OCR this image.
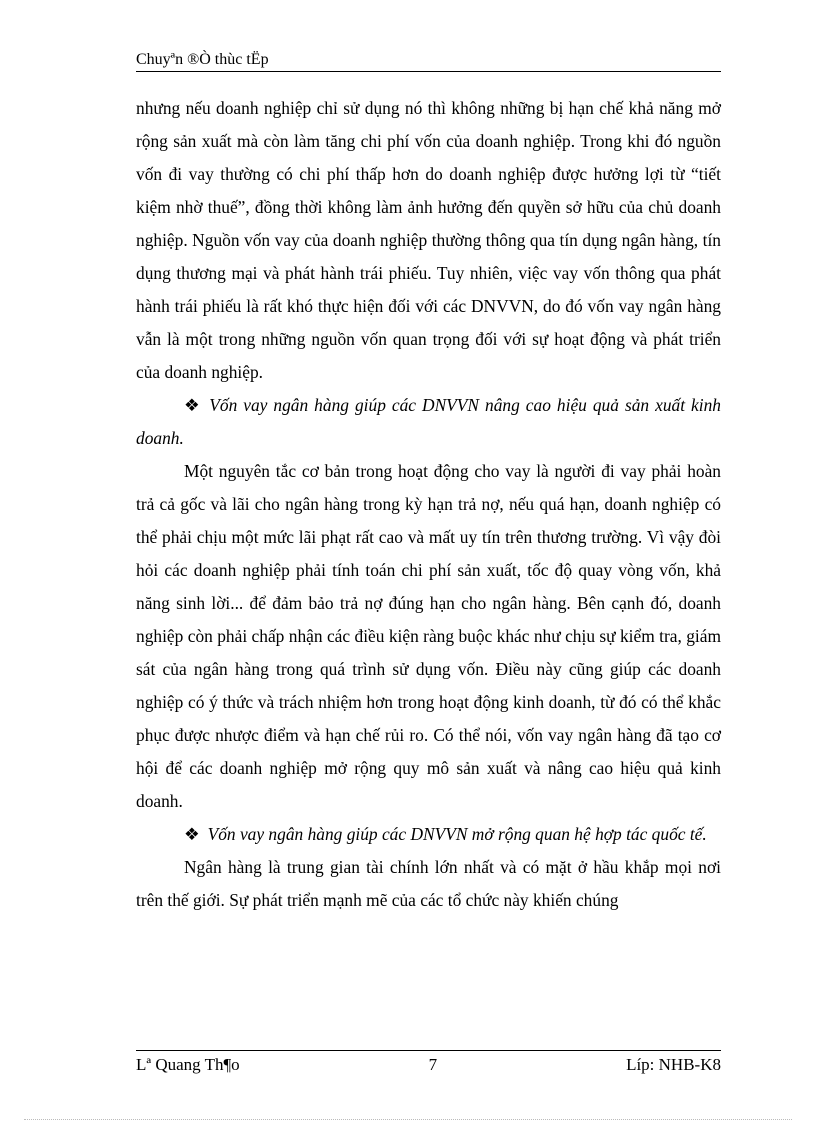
Chuyªn ®Ò thùc tËp

nhưng nếu doanh nghiệp chỉ sử dụng nó thì không những bị hạn chế khả năng mở rộng sản xuất mà còn làm tăng chi phí vốn của doanh nghiệp. Trong khi đó nguồn vốn đi vay thường có chi phí thấp hơn do doanh nghiệp được hưởng lợi từ “tiết kiệm nhờ thuế”, đồng thời không làm ảnh hưởng đến quyền sở hữu của chủ doanh nghiệp. Nguồn vốn vay của doanh nghiệp thường thông qua tín dụng ngân hàng, tín dụng thương mại và phát hành trái phiếu. Tuy nhiên, việc vay vốn thông qua phát hành trái phiếu là rất khó thực hiện đối với các DNVVN, do đó vốn vay ngân hàng vẫn là một trong những nguồn vốn quan trọng đối với sự hoạt động và phát triển của doanh nghiệp.

❖ Vốn vay ngân hàng giúp các DNVVN nâng cao hiệu quả sản xuất kinh doanh.

Một nguyên tắc cơ bản trong hoạt động cho vay là người đi vay phải hoàn trả cả gốc và lãi cho ngân hàng trong kỳ hạn trả nợ, nếu quá hạn, doanh nghiệp có thể phải chịu một mức lãi phạt rất cao và mất uy tín trên thương trường. Vì vậy đòi hỏi các doanh nghiệp phải tính toán chi phí sản xuất, tốc độ quay vòng vốn, khả năng sinh lời... để đảm bảo trả nợ đúng hạn cho ngân hàng. Bên cạnh đó, doanh nghiệp còn phải chấp nhận các điều kiện ràng buộc khác như chịu sự kiểm tra, giám sát của ngân hàng trong quá trình sử dụng vốn. Điều này cũng giúp các doanh nghiệp có ý thức và trách nhiệm hơn trong hoạt động kinh doanh, từ đó có thể khắc phục được nhược điểm và hạn chế rủi ro. Có thể nói, vốn vay ngân hàng đã tạo cơ hội để các doanh nghiệp mở rộng quy mô sản xuất và nâng cao hiệu quả kinh doanh.

❖ Vốn vay ngân hàng giúp các DNVVN mở rộng quan hệ hợp tác quốc tế.

Ngân hàng là trung gian tài chính lớn nhất và có mặt ở hầu khắp mọi nơi trên thế giới. Sự phát triển mạnh mẽ của các tổ chức này khiến chúng

Lª Quang Th¶o	7	Líp: NHB-K8
